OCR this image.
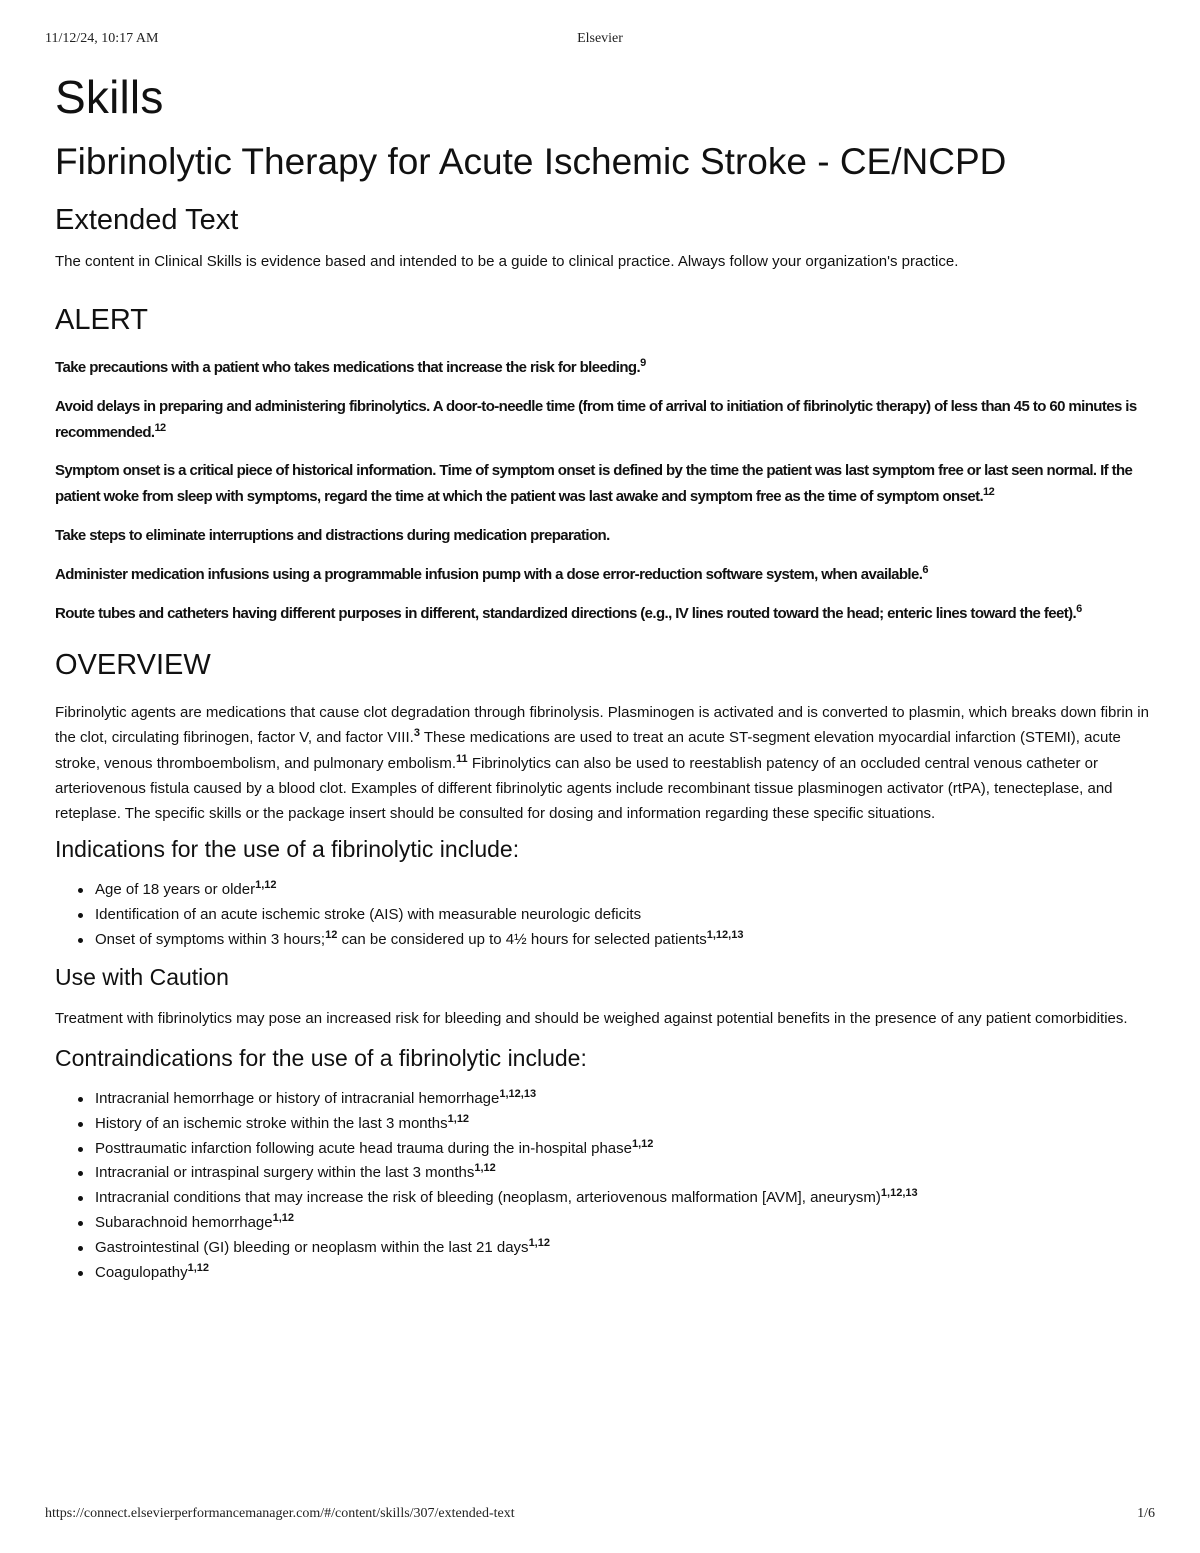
11/12/24, 10:17 AM	Elsevier
Skills
Fibrinolytic Therapy for Acute Ischemic Stroke - CE/NCPD
Extended Text

The content in Clinical Skills is evidence based and intended to be a guide to clinical practice. Always follow your organization's practice.

ALERT

Take precautions with a patient who takes medications that increase the risk for bleeding.$^9$

Avoid delays in preparing and administering fibrinolytics. A door-to-needle time (from time of arrival to initiation of fibrinolytic therapy) of less than 45 to 60 minutes is recommended.$^{12}$

Symptom onset is a critical piece of historical information. Time of symptom onset is defined by the time the patient was last symptom free or last seen normal. If the patient woke from sleep with symptoms, regard the time at which the patient was last awake and symptom free as the time of symptom onset.$^{12}$

Take steps to eliminate interruptions and distractions during medication preparation.

Administer medication infusions using a programmable infusion pump with a dose error-reduction software system, when available.$^6$

Route tubes and catheters having different purposes in different, standardized directions (e.g., IV lines routed toward the head; enteric lines toward the feet).$^6$

OVERVIEW

Fibrinolytic agents are medications that cause clot degradation through fibrinolysis. Plasminogen is activated and is converted to plasmin, which breaks down fibrin in the clot, circulating fibrinogen, factor V, and factor VIII.$^3$ These medications are used to treat an acute ST-segment elevation myocardial infarction (STEMI), acute stroke, venous thromboembolism, and pulmonary embolism.$^{11}$ Fibrinolytics can also be used to reestablish patency of an occluded central venous catheter or arteriovenous fistula caused by a blood clot. Examples of different fibrinolytic agents include recombinant tissue plasminogen activator (rtPA), tenecteplase, and reteplase. The specific skills or the package insert should be consulted for dosing and information regarding these specific situations.

Indications for the use of a fibrinolytic include:
Age of 18 years or older$^{1,12}$
Identification of an acute ischemic stroke (AIS) with measurable neurologic deficits
Onset of symptoms within 3 hours;$^{12}$ can be considered up to 4½ hours for selected patients$^{1,12,13}$
Use with Caution

Treatment with fibrinolytics may pose an increased risk for bleeding and should be weighed against potential benefits in the presence of any patient comorbidities.

Contraindications for the use of a fibrinolytic include:
Intracranial hemorrhage or history of intracranial hemorrhage$^{1,12,13}$
History of an ischemic stroke within the last 3 months$^{1,12}$
Posttraumatic infarction following acute head trauma during the in-hospital phase$^{1,12}$
Intracranial or intraspinal surgery within the last 3 months$^{1,12}$
Intracranial conditions that may increase the risk of bleeding (neoplasm, arteriovenous malformation [AVM], aneurysm)$^{1,12,13}$
Subarachnoid hemorrhage$^{1,12}$
Gastrointestinal (GI) bleeding or neoplasm within the last 21 days$^{1,12}$
Coagulopathy$^{1,12}$
https://connect.elsevierperformancemanager.com/#/content/skills/307/extended-text	1/6
